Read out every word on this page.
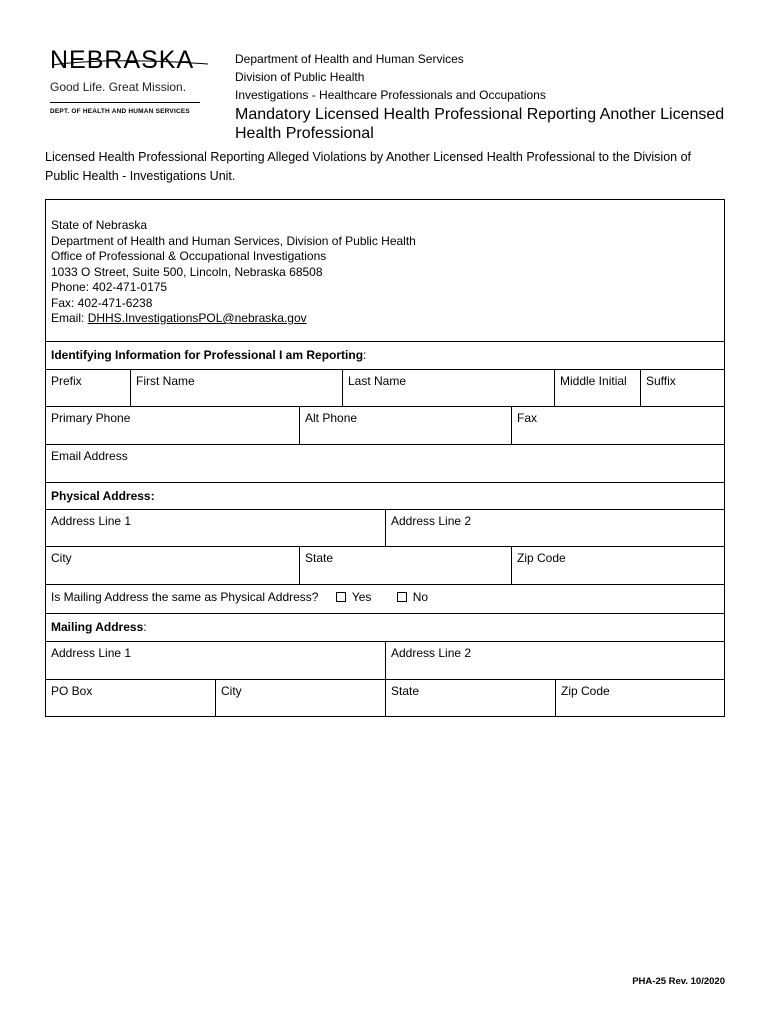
NEBRASKA
Good Life. Great Mission.
DEPT. OF HEALTH AND HUMAN SERVICES
Department of Health and Human Services
Division of Public Health
Investigations - Healthcare Professionals and Occupations
Mandatory Licensed Health Professional Reporting Another Licensed Health Professional
Licensed Health Professional Reporting Alleged Violations by Another Licensed Health Professional to the Division of Public Health - Investigations Unit.
State of Nebraska
Department of Health and Human Services, Division of Public Health
Office of Professional & Occupational Investigations
1033 O Street, Suite 500, Lincoln, Nebraska 68508
Phone: 402-471-0175
Fax: 402-471-6238
Email: DHHS.InvestigationsPOL@nebraska.gov
Identifying Information for Professional I am Reporting:
Prefix	First Name	Last Name	Middle Initial	Suffix
Primary Phone	Alt Phone	Fax
Email Address
Physical Address:
Address Line 1	Address Line 2
City	State	Zip Code
Is Mailing Address the same as Physical Address?	Yes	No
Mailing Address:
Address Line 1	Address Line 2
PO Box	City	State	Zip Code
PHA-25 Rev. 10/2020
